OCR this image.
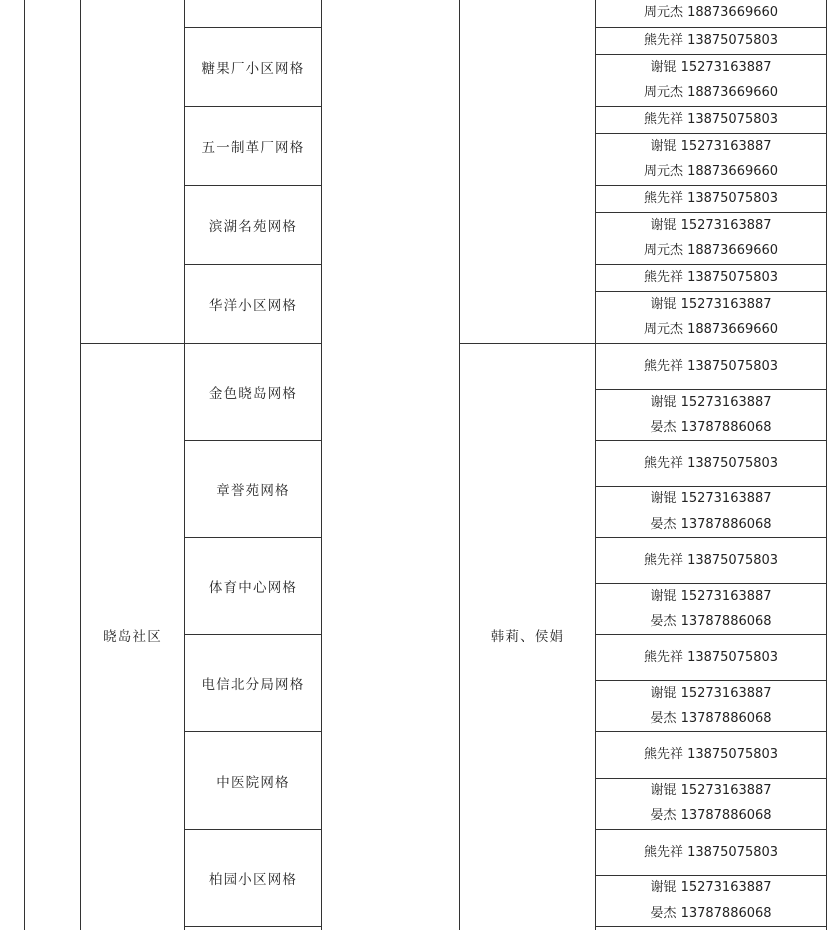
晓岛社区	韩莉、侯娟
糖果厂小区网格
五一制革厂网格
滨湖名苑网格
华洋小区网格
金色晓岛网格
章誉苑网格
体育中心网格
电信北分局网格
中医院网格
柏园小区网格
周元杰 18873669660
熊先祥 13875075803
谢锟 15273163887
周元杰 18873669660
熊先祥 13875075803
谢锟 15273163887
周元杰 18873669660
熊先祥 13875075803
谢锟 15273163887
周元杰 18873669660
熊先祥 13875075803
谢锟 15273163887
周元杰 18873669660
熊先祥 13875075803
谢锟 15273163887
晏杰 13787886068
熊先祥 13875075803
谢锟 15273163887
晏杰 13787886068
熊先祥 13875075803
谢锟 15273163887
晏杰 13787886068
熊先祥 13875075803
谢锟 15273163887
晏杰 13787886068
熊先祥 13875075803
谢锟 15273163887
晏杰 13787886068
熊先祥 13875075803
谢锟 15273163887
晏杰 13787886068
